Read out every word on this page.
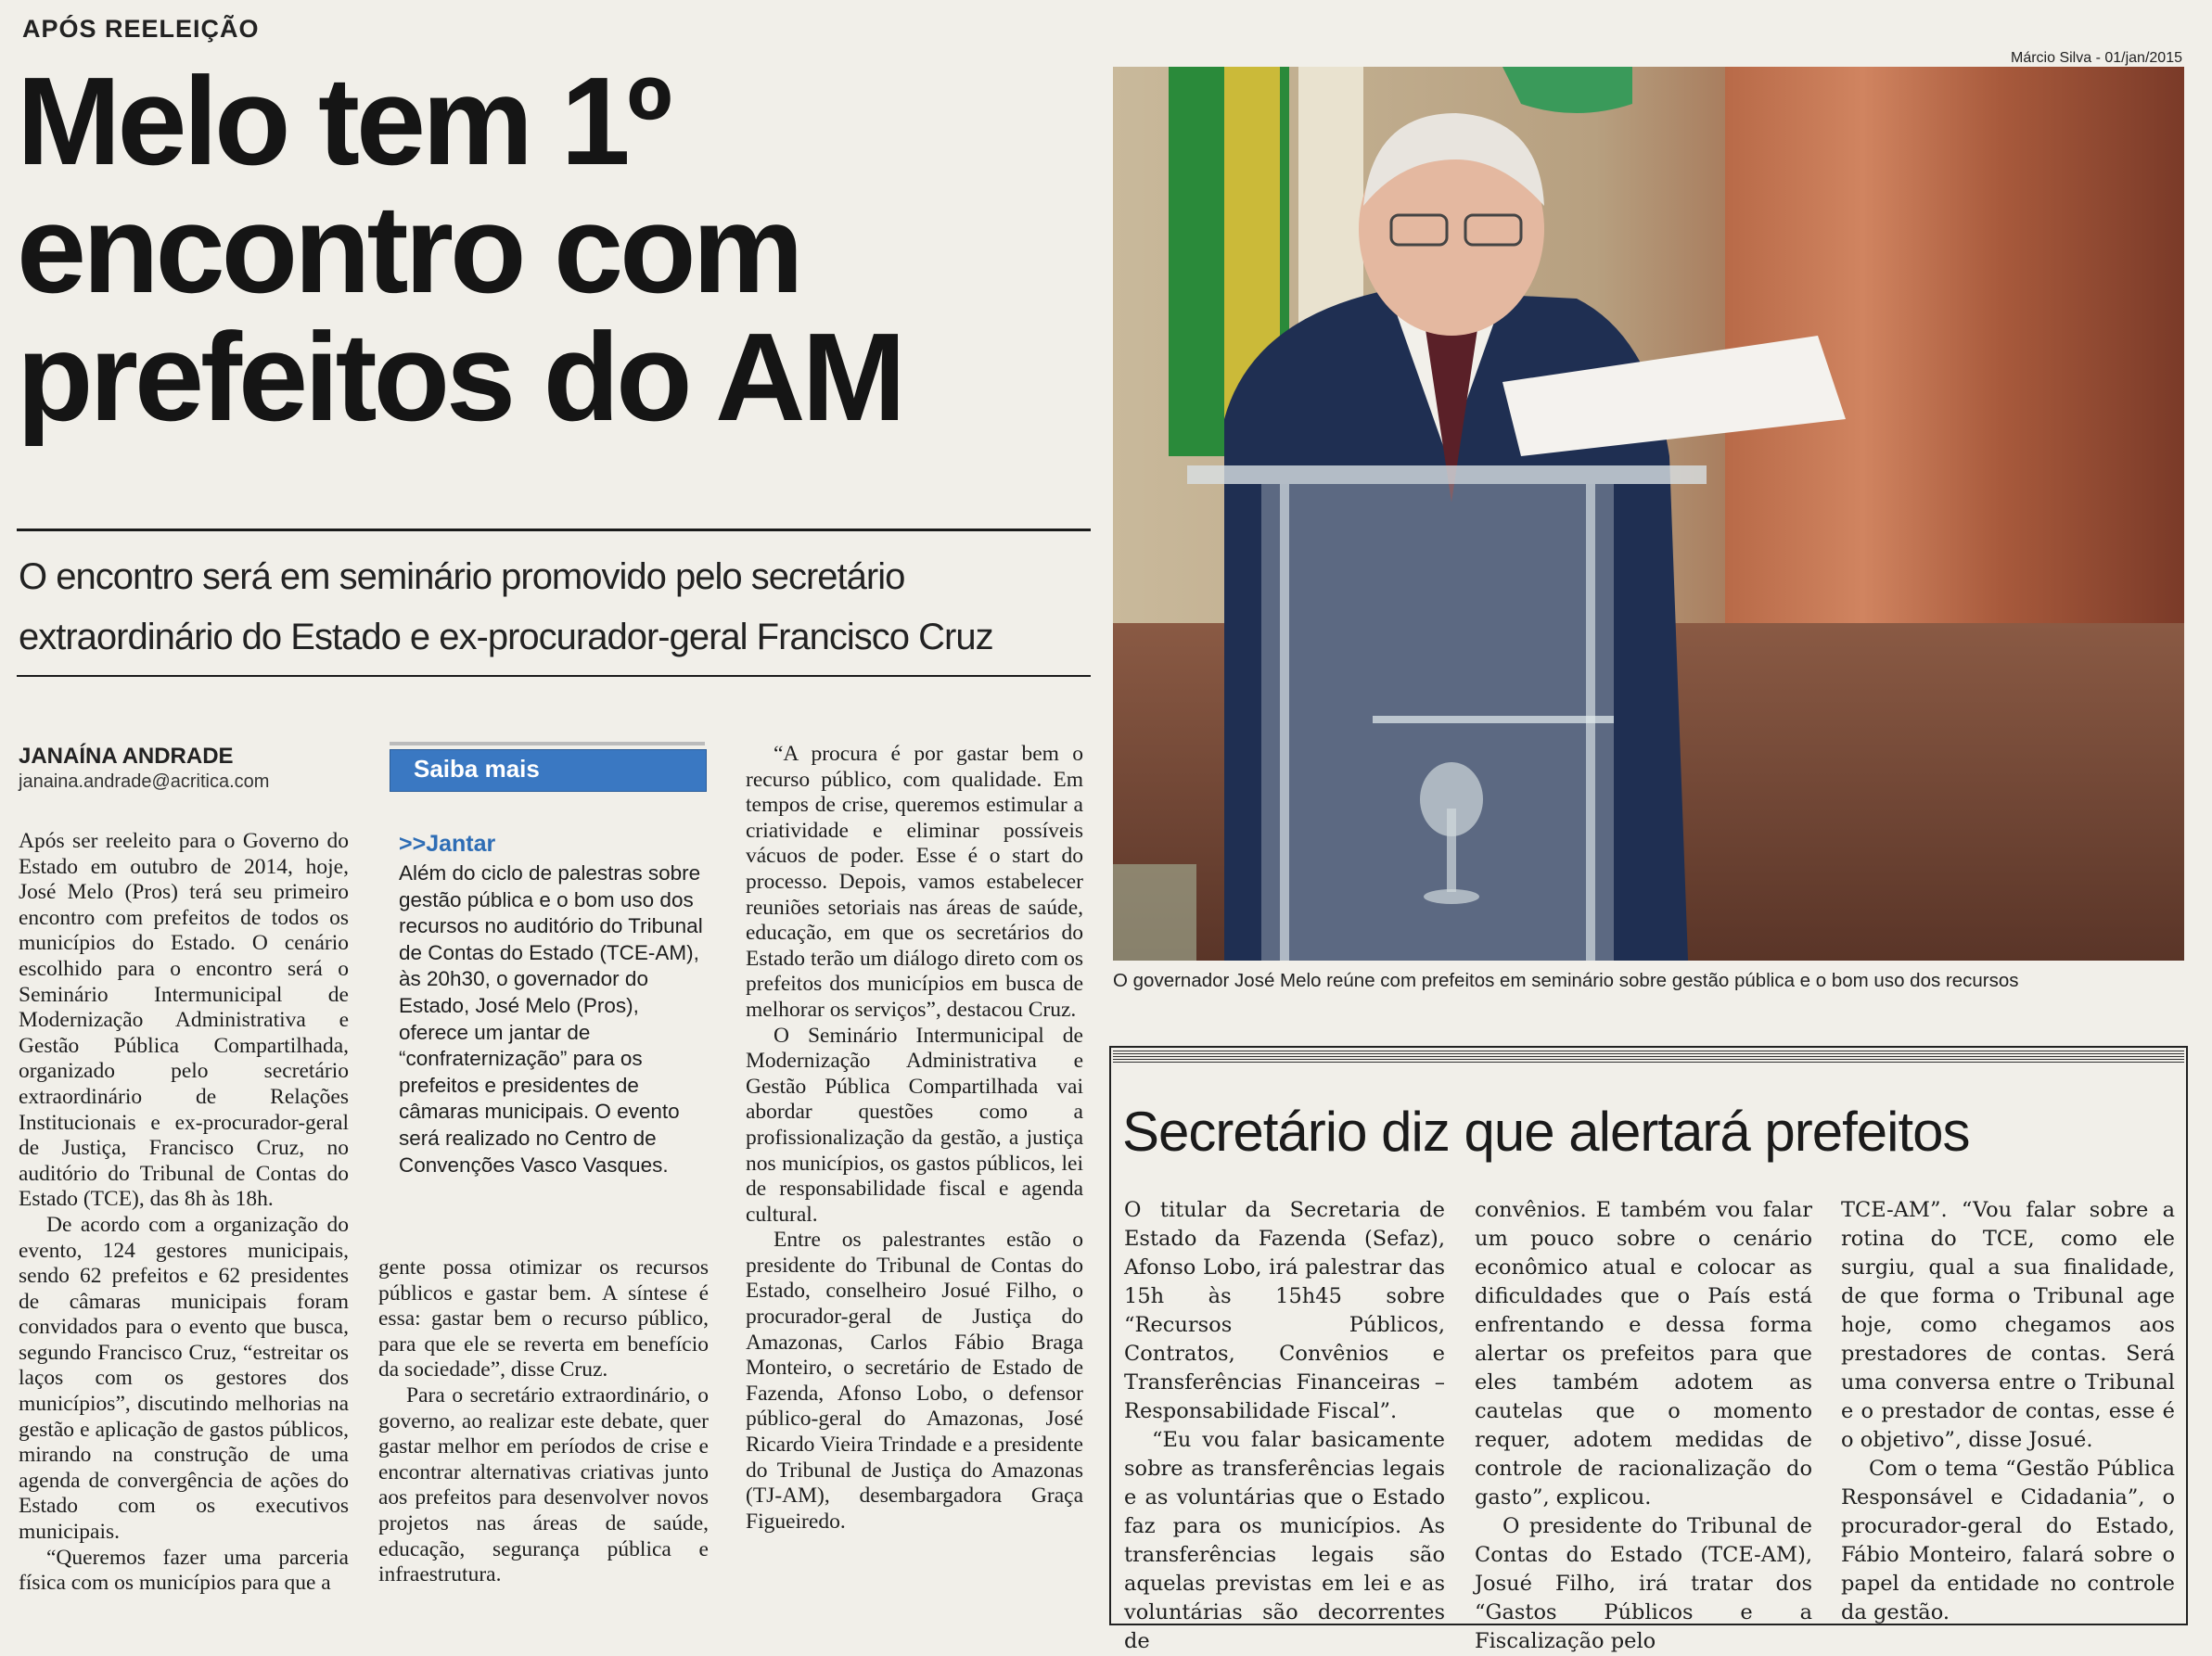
APÓS REELEIÇÃO
Melo tem 1º
encontro com
prefeitos do AM
O encontro será em seminário promovido pelo secretário
extraordinário do Estado e ex-procurador-geral Francisco Cruz
JANAÍNA ANDRADE
janaina.andrade@acritica.com

Após ser reeleito para o Governo do Estado em outubro de 2014, hoje, José Melo (Pros) terá seu primeiro encontro com prefeitos de todos os municípios do Estado. O cenário escolhido para o encontro será o Seminário Intermunicipal de Modernização Administrativa e Gestão Pública Compartilhada, organizado pelo secretário extraordinário de Relações Institucionais e ex-procurador-geral de Justiça, Francisco Cruz, no auditório do Tribunal de Contas do Estado (TCE), das 8h às 18h.

De acordo com a organização do evento, 124 gestores municipais, sendo 62 prefeitos e 62 presidentes de câmaras municipais foram convidados para o evento que busca, segundo Francisco Cruz, “estreitar os laços com os gestores dos municípios”, discutindo melhorias na gestão e aplicação de gastos públicos, mirando na construção de uma agenda de convergência de ações do Estado com os executivos municipais.

“Queremos fazer uma parceria física com os municípios para que a

Saiba mais
>>Jantar
Além do ciclo de palestras sobre gestão pública e o bom uso dos recursos no auditório do Tribunal de Contas do Estado (TCE-AM), às 20h30, o governador do Estado, José Melo (Pros), oferece um jantar de “confraternização” para os prefeitos e presidentes de câmaras municipais. O evento será realizado no Centro de Convenções Vasco Vasques.

gente possa otimizar os recursos públicos e gastar bem. A síntese é essa: gastar bem o recurso público, para que ele se reverta em benefício da sociedade”, disse Cruz.

Para o secretário extraordinário, o governo, ao realizar este debate, quer gastar melhor em períodos de crise e encontrar alternativas criativas junto aos prefeitos para desenvolver novos projetos nas áreas de saúde, educação, segurança pública e infraestrutura.

“A procura é por gastar bem o recurso público, com qualidade. Em tempos de crise, queremos estimular a criatividade e eliminar possíveis vácuos de poder. Esse é o start do processo. Depois, vamos estabelecer reuniões setoriais nas áreas de saúde, educação, em que os secretários do Estado terão um diálogo direto com os prefeitos dos municípios em busca de melhorar os serviços”, destacou Cruz.

O Seminário Intermunicipal de Modernização Administrativa e Gestão Pública Compartilhada vai abordar questões como a profissionalização da gestão, a justiça nos municípios, os gastos públicos, lei de responsabilidade fiscal e agenda cultural.

Entre os palestrantes estão o presidente do Tribunal de Contas do Estado, conselheiro Josué Filho, o procurador-geral de Justiça do Amazonas, Carlos Fábio Braga Monteiro, o secretário de Estado de Fazenda, Afonso Lobo, o defensor público-geral do Amazonas, José Ricardo Vieira Trindade e a presidente do Tribunal de Justiça do Amazonas (TJ-AM), desembargadora Graça Figueiredo.

Márcio Silva - 01/jan/2015
O governador José Melo reúne com prefeitos em seminário sobre gestão pública e o bom uso dos recursos
Secretário diz que alertará prefeitos

O titular da Secretaria de Estado da Fazenda (Sefaz), Afonso Lobo, irá palestrar das 15h às 15h45 sobre “Recursos Públicos, Contratos, Convênios e Transferências Financeiras – Responsabilidade Fiscal”.

“Eu vou falar basicamente sobre as transferências legais e as voluntárias que o Estado faz para os municípios. As transferências legais são aquelas previstas em lei e as voluntárias são decorrentes de

convênios. E também vou falar um pouco sobre o cenário econômico atual e colocar as dificuldades que o País está enfrentando e dessa forma alertar os prefeitos para que eles também adotem as cautelas que o momento requer, adotem medidas de controle de racionalização do gasto”, explicou.

O presidente do Tribunal de Contas do Estado (TCE-AM), Josué Filho, irá tratar dos “Gastos Públicos e a Fiscalização pelo

TCE-AM”. “Vou falar sobre a rotina do TCE, como ele surgiu, qual a sua finalidade, de que forma o Tribunal age hoje, como chegamos aos prestadores de contas. Será uma conversa entre o Tribunal e o prestador de contas, esse é o objetivo”, disse Josué.

Com o tema “Gestão Pública Responsável e Cidadania”, o procurador-geral do Estado, Fábio Monteiro, falará sobre o papel da entidade no controle da gestão.
